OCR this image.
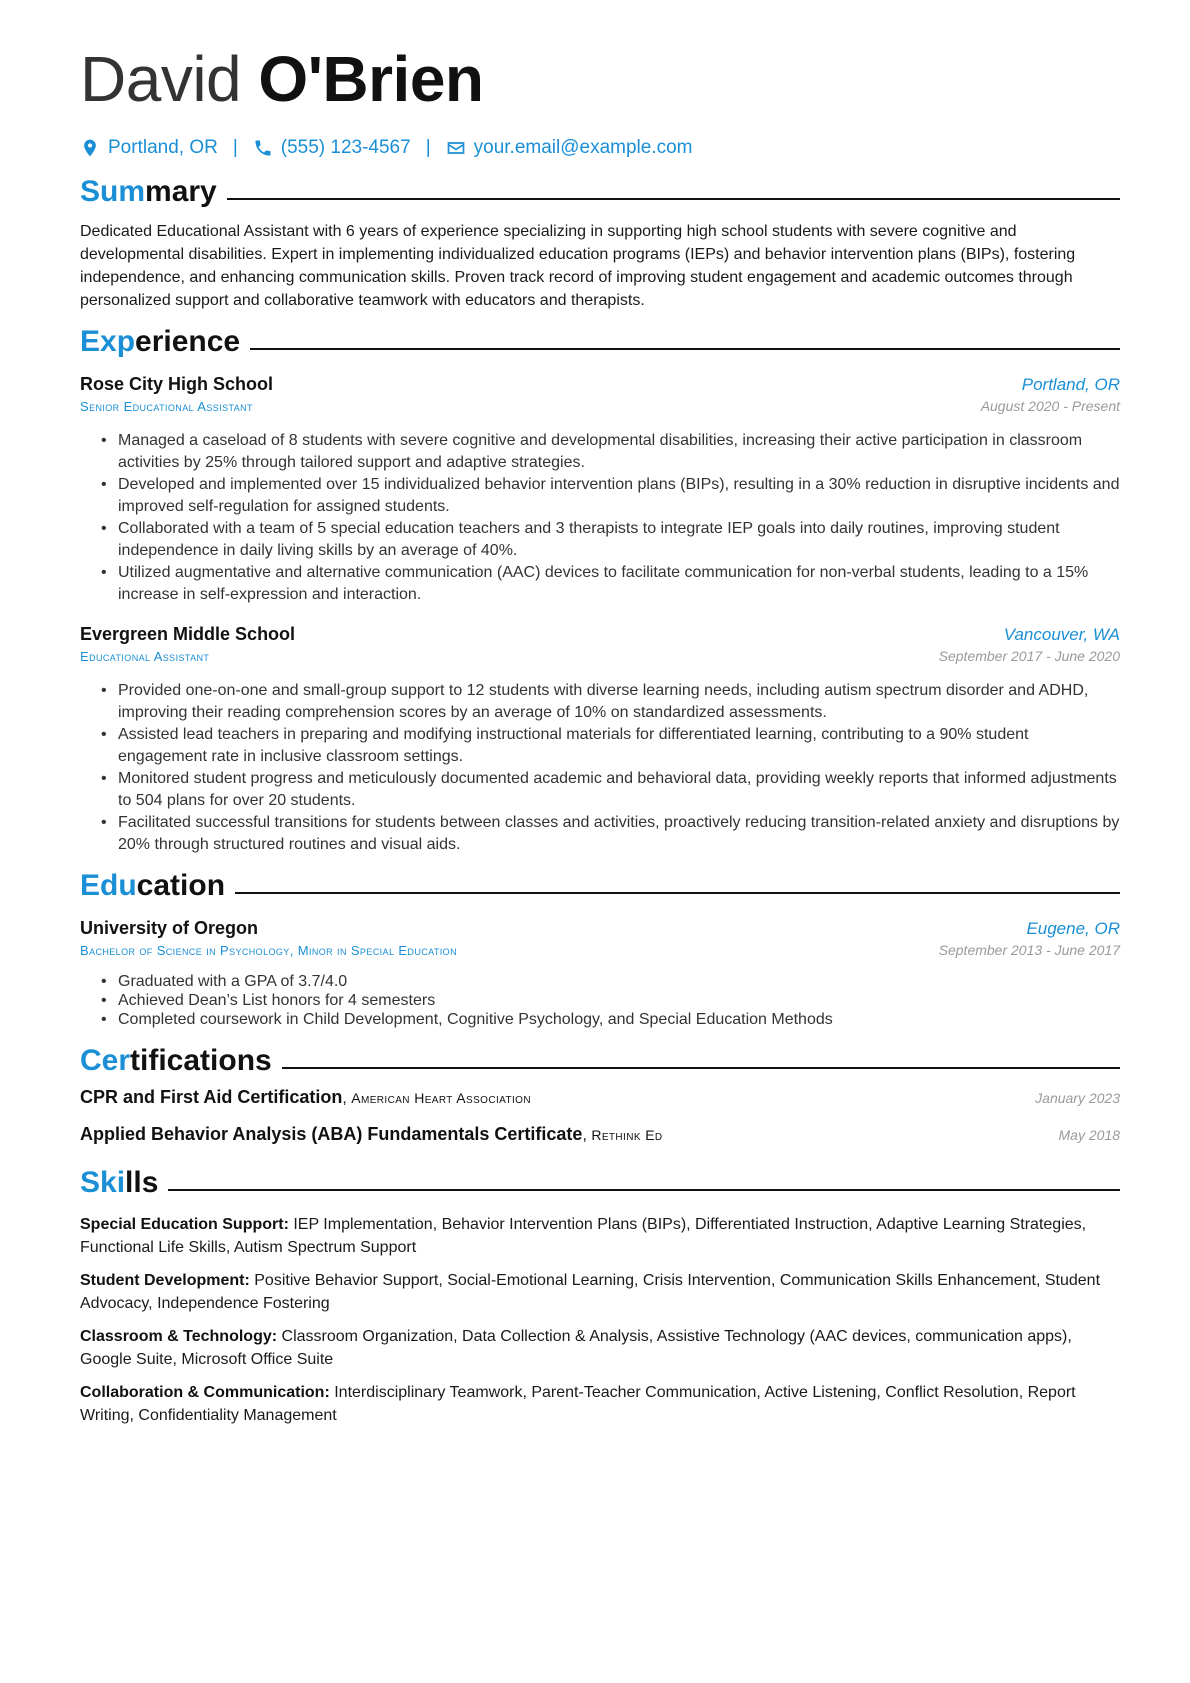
David O'Brien
Portland, OR | (555) 123-4567 | your.email@example.com
Summary

Dedicated Educational Assistant with 6 years of experience specializing in supporting high school students with severe cognitive and developmental disabilities. Expert in implementing individualized education programs (IEPs) and behavior intervention plans (BIPs), fostering independence, and enhancing communication skills. Proven track record of improving student engagement and academic outcomes through personalized support and collaborative teamwork with educators and therapists.

Experience
Rose City High School	Portland, OR
Senior Educational Assistant	August 2020 - Present
• Managed a caseload of 8 students with severe cognitive and developmental disabilities, increasing their active participation in classroom activities by 25% through tailored support and adaptive strategies.
• Developed and implemented over 15 individualized behavior intervention plans (BIPs), resulting in a 30% reduction in disruptive incidents and improved self-regulation for assigned students.
• Collaborated with a team of 5 special education teachers and 3 therapists to integrate IEP goals into daily routines, improving student independence in daily living skills by an average of 40%.
• Utilized augmentative and alternative communication (AAC) devices to facilitate communication for non-verbal students, leading to a 15% increase in self-expression and interaction.
Evergreen Middle School	Vancouver, WA
Educational Assistant	September 2017 - June 2020
• Provided one-on-one and small-group support to 12 students with diverse learning needs, including autism spectrum disorder and ADHD, improving their reading comprehension scores by an average of 10% on standardized assessments.
• Assisted lead teachers in preparing and modifying instructional materials for differentiated learning, contributing to a 90% student engagement rate in inclusive classroom settings.
• Monitored student progress and meticulously documented academic and behavioral data, providing weekly reports that informed adjustments to 504 plans for over 20 students.
• Facilitated successful transitions for students between classes and activities, proactively reducing transition-related anxiety and disruptions by 20% through structured routines and visual aids.
Education
University of Oregon	Eugene, OR
Bachelor of Science in Psychology, Minor in Special Education	September 2013 - June 2017
• Graduated with a GPA of 3.7/4.0
• Achieved Dean’s List honors for 4 semesters
• Completed coursework in Child Development, Cognitive Psychology, and Special Education Methods
Certifications
CPR and First Aid Certification, American Heart Association	January 2023
Applied Behavior Analysis (ABA) Fundamentals Certificate, Rethink Ed	May 2018
Skills
Special Education Support: IEP Implementation, Behavior Intervention Plans (BIPs), Differentiated Instruction, Adaptive Learning Strategies, Functional Life Skills, Autism Spectrum Support
Student Development: Positive Behavior Support, Social-Emotional Learning, Crisis Intervention, Communication Skills Enhancement, Student Advocacy, Independence Fostering
Classroom & Technology: Classroom Organization, Data Collection & Analysis, Assistive Technology (AAC devices, communication apps), Google Suite, Microsoft Office Suite
Collaboration & Communication: Interdisciplinary Teamwork, Parent-Teacher Communication, Active Listening, Conflict Resolution, Report Writing, Confidentiality Management
